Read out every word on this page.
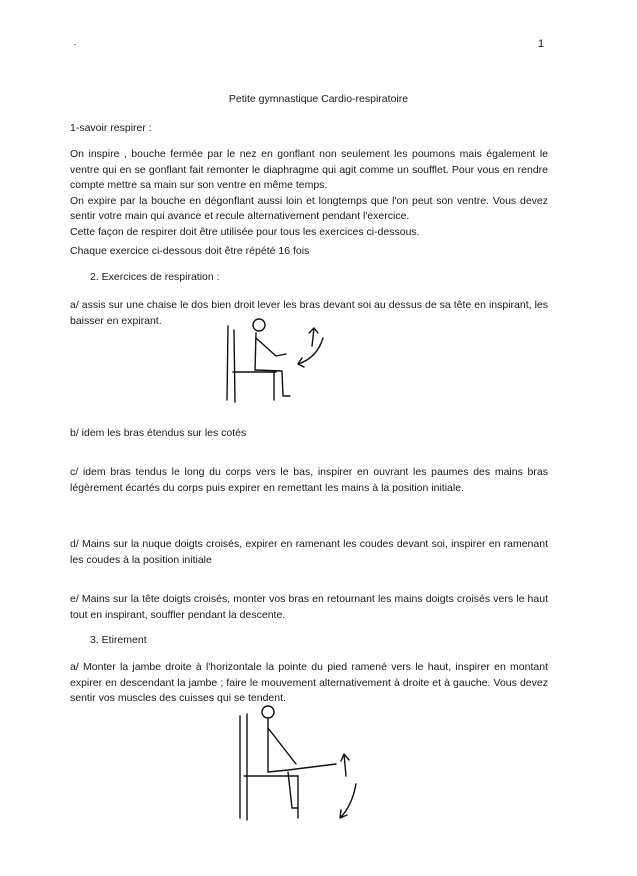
1
Petite gymnastique Cardio-respiratoire
1-savoir respirer :

On inspire , bouche fermée par le nez en gonflant non seulement les poumons mais également le ventre qui en se gonflant fait remonter le diaphragme qui agit comme un soufflet. Pour vous en rendre compte mettre sa main sur son ventre en même temps.

On expire par la bouche en dégonflant aussi loin et longtemps que l'on peut son ventre. Vous devez sentir votre main qui avance et recule alternativement pendant l'exercice.

Cette façon de respirer doit être utilisée pour tous les exercices ci-dessous.

Chaque exercice ci-dessous doit être répété 16 fois
2. Exercices de respiration :
a/ assis sur une chaise le dos bien droit lever les bras devant soi au dessus de sa tête en inspirant, les baisser en expirant.
b/ idem les bras étendus sur les cotés
c/ idem bras tendus le long du corps vers le bas, inspirer en ouvrant les paumes des mains bras légèrement écartés du corps puis expirer en remettant les mains à la position initiale.
d/ Mains sur la nuque doigts croisés, expirer en ramenant les coudes devant soi, inspirer en ramenant les coudes à la position initiale
e/ Mains sur la tête doigts croisés, monter vos bras en retournant les mains doigts croisés vers le haut tout en inspirant, souffler pendant la descente.
3. Etirement
a/ Monter la jambe droite à l'horizontale la pointe du pied ramené vers le haut, inspirer en montant expirer en descendant la jambe ; faire le mouvement alternativement à droite et à gauche. Vous devez sentir vos muscles des cuisses qui se tendent.
